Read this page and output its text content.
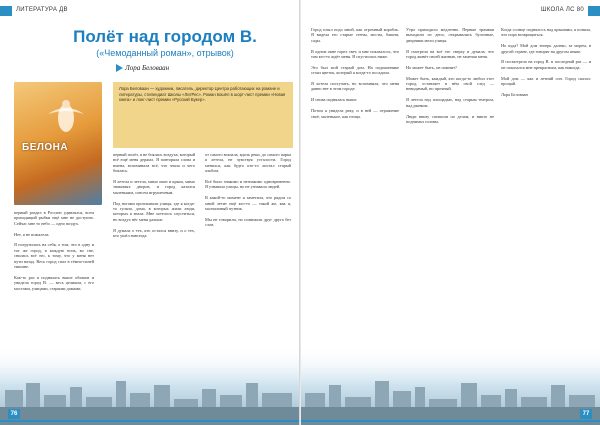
ЛИТЕРАТУРА ДВ
Полёт над городом В.
(«Чемоданный роман», отрывок)
Лора Беловаан
БЕЛОНА

Лора Беловаан — художник, писатель, директор Центра работающих на романе и литературы, стипендиат Школы «ЛитРес». Роман вошёл в шорт-лист премии «Новая книга» и лонг-лист премии «Русский Букер».

первый раздел в Россию удивлялся, всем приходящий рыбки ещё мне не доступно. Сейчас мне то небо — одно воздух.

Нет, я не пожалела.

Я погрузилась на себя, о том, что в одну и тот же город, в каждую ночь, во сне, снилась всё это, к тому, что у меня нет пути назад. Весь город спал в тёмно-синей тишине.

Как-то раз я поднялась выше облаков и увидела город В. — весь целиком, с его мостами, улицами, старыми домами.
первый полёт, я не боялась воздуха, который всё ещё меня держал. Я повторяла слова и имена, вспоминала всё, что знала и чего боялась.

Я летела и летела, мимо окон и крыш, мимо знакомых дворов, и город казался маленьким, совсем игрушечным.

Под ногами проплывали улицы, где я когда-то гуляла, дома, в которых жили люди, которых я знала. Мне хотелось спуститься, но воздух нёс меня дальше.

Я думала о тех, кто остался внизу, и о тех, кто ушёл навсегда.
от самого вокзала, вдоль реки, до самого парка я летела, не чувствуя усталости. Город менялся, как будто кто-то листал старый альбом.

Всё было знакомо и незнакомо одновременно. Я узнавала улицы, но не узнавала людей.

В какой-то момент я заметила, что рядом со мной летит ещё кто-то — такой же, как я, молчаливый путник.

Мы не говорили, но понимали друг друга без слов.
76
ШКОЛА ЛС 80
Город плыл подо мной, как огромный корабль. Я видела его старые стены, мосты, башни, сады.

В одном окне горел свет, и мне показалось, что там кто-то ждёт меня. Я спустилась ниже.

Это был мой старый дом. На подоконнике стоял цветок, который я когда-то посадила.

Я хотела постучать, но вспомнила, что меня давно нет в этом городе.

И снова поднялась выше.

Потом я увидела реку, и в ней — отражение своё, маленькое, как птица.
Утро приходило медленно. Первые трамваи выходили из депо, открывались булочные, дворники мели улицы.

Я смотрела на всё это сверху и думала, что город живёт своей жизнью, не замечая меня.

Но может быть, он помнит?

Может быть, каждый, кто когда-то любил этот город, оставляет в нём свой след — невидимый, но прочный.

Я летела над площадью, над старым театром, над рынком.

Люди внизу спешили по делам, и никто не поднимал головы.
Когда солнце поднялось над крышами, я поняла, что пора возвращаться.

Но куда? Мой дом теперь далеко, за морем, в другой стране, где говорят на другом языке.

Я посмотрела на город В. в последний раз — и он показался мне прекрасным, как никогда.

Мой дом — как и летний сон. Город сказал: прощай.

Лора Беловаан
77
